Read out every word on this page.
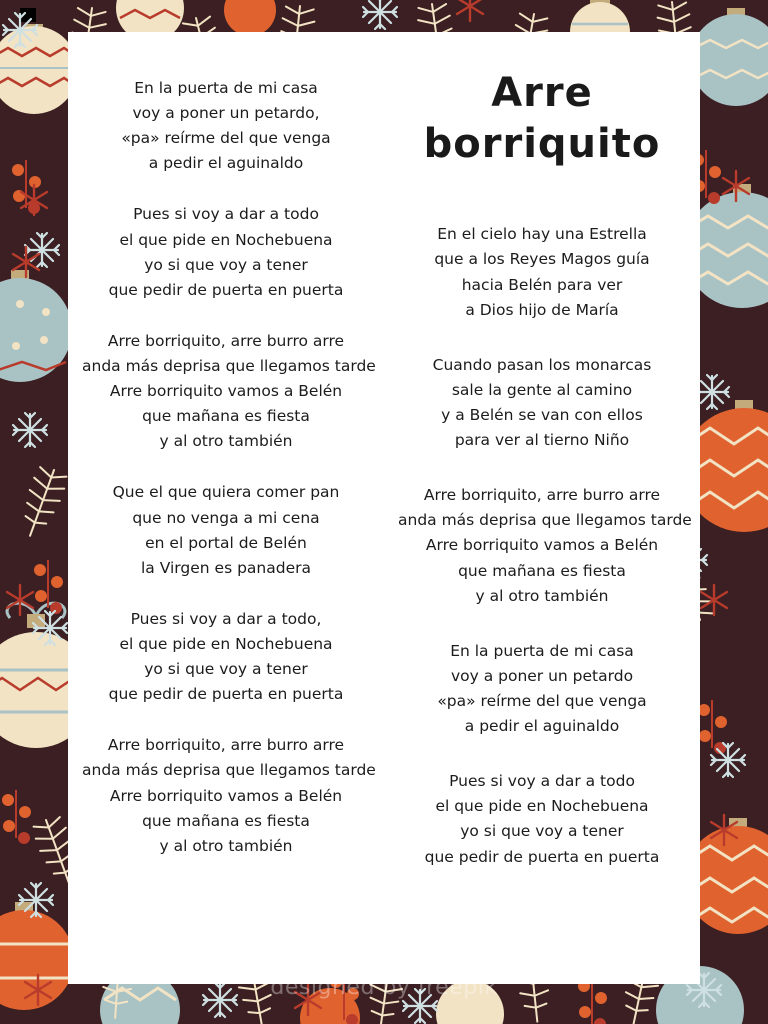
designed by freepik
En la puerta de mi casa
voy a poner un petardo,
«pa» reírme del que venga
a pedir el aguinaldo
Pues si voy a dar a todo
el que pide en Nochebuena
yo si que voy a tener
que pedir de puerta en puerta
Arre borriquito, arre burro arre
anda más deprisa que llegamos tarde
Arre borriquito vamos a Belén
que mañana es fiesta
y al otro también
Que el que quiera comer pan
que no venga a mi cena
en el portal de Belén
la Virgen es panadera
Pues si voy a dar a todo,
el que pide en Nochebuena
yo si que voy a tener
que pedir de puerta en puerta
Arre borriquito, arre burro arre
anda más deprisa que llegamos tarde
Arre borriquito vamos a Belén
que mañana es fiesta
y al otro también
Arre
borriquito
En el cielo hay una Estrella
que a los Reyes Magos guía
hacia Belén para ver
a Dios hijo de María
Cuando pasan los monarcas
sale la gente al camino
y a Belén se van con ellos
para ver al tierno Niño
Arre borriquito, arre burro arre
anda más deprisa que llegamos tarde
Arre borriquito vamos a Belén
que mañana es fiesta
y al otro también
En la puerta de mi casa
voy a poner un petardo
«pa» reírme del que venga
a pedir el aguinaldo
Pues si voy a dar a todo
el que pide en Nochebuena
yo si que voy a tener
que pedir de puerta en puerta
